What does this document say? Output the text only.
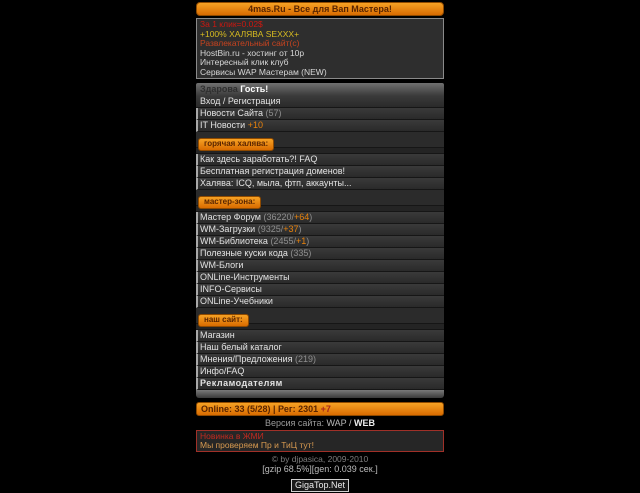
4mas.Ru - Все для Вап Мастера!
За 1 клик=0.02$
+100% ХАЛЯВА SEXXX+
Развлекательный сайт(с)
HostBin.ru - хостинг от 10р
Интересный клик клуб
Сервисы WAP Мастерам (NEW)
Здарова Гость!
Вход / Регистрация
Новости Сайта (57)
IT Новости +10
горячая халява:
Как здесь заработать?! FAQ
Бесплатная регистрация доменов!
Халява: ICQ, мыла, фтп, аккаунты...
мастер-зона:
Мастер Форум (36220/+64)
WM-Загрузки (9325/+37)
WM-Библиотека (2455/+1)
Полезные куски кода (335)
WM-Блоги
ONLine-Инструменты
INFO-Сервисы
ONLine-Учебники
наш сайт:
Магазин
Наш белый каталог
Мнения/Предложения (219)
Инфо/FAQ
Рекламодателям
Online: 33 (5/28) | Рег: 2301 +7
Версия сайта: WAP / WEB
Новинка в ЖМИ
Мы проверяем Пр и ТиЦ тут!
© by djpasica, 2009-2010
[gzip 68.5%][gen: 0.039 сек.]
GigaTop.Net
